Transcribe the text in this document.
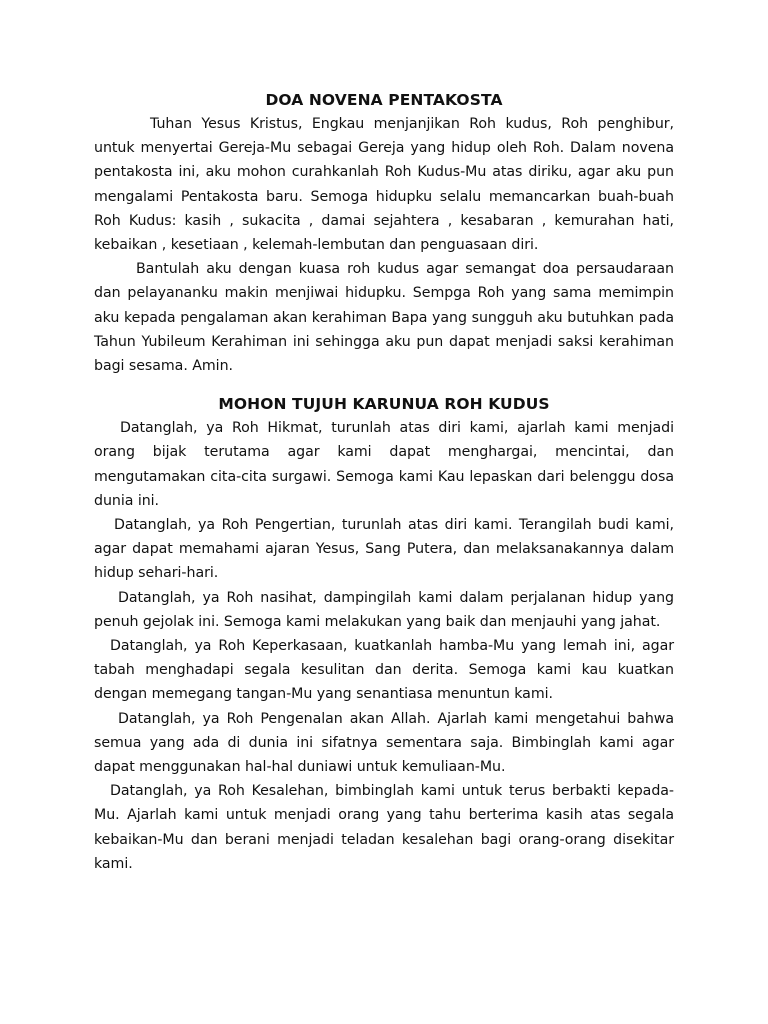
DOA NOVENA PENTAKOSTA

Tuhan Yesus Kristus, Engkau menjanjikan Roh kudus, Roh penghibur, untuk menyertai Gereja-Mu sebagai Gereja yang hidup oleh Roh. Dalam novena pentakosta ini, aku mohon curahkanlah Roh Kudus-Mu atas diriku, agar aku pun mengalami Pentakosta baru. Semoga hidupku selalu memancarkan buah-buah Roh Kudus: kasih , sukacita , damai sejahtera , kesabaran , kemurahan hati, kebaikan , kesetiaan , kelemah-lembutan dan penguasaan diri.

Bantulah aku dengan kuasa roh kudus agar semangat doa persaudaraan dan pelayananku makin menjiwai hidupku. Sempga Roh yang sama memimpin aku kepada pengalaman akan kerahiman Bapa yang sungguh aku butuhkan pada Tahun Yubileum Kerahiman ini sehingga aku pun dapat menjadi saksi kerahiman bagi sesama. Amin.

MOHON TUJUH KARUNUA ROH KUDUS

Datanglah, ya Roh Hikmat, turunlah atas diri kami, ajarlah kami menjadi orang bijak terutama agar kami dapat menghargai, mencintai, dan mengutamakan cita-cita surgawi. Semoga kami Kau lepaskan dari belenggu dosa dunia ini.

Datanglah, ya Roh Pengertian, turunlah atas diri kami. Terangilah budi kami, agar dapat memahami ajaran Yesus, Sang Putera, dan melaksanakannya dalam hidup sehari-hari.

Datanglah, ya Roh nasihat, dampingilah kami dalam perjalanan hidup yang penuh gejolak ini. Semoga kami melakukan yang baik dan menjauhi yang jahat.

Datanglah, ya Roh Keperkasaan, kuatkanlah hamba-Mu yang lemah ini, agar tabah menghadapi segala kesulitan dan derita. Semoga kami kau kuatkan dengan memegang tangan-Mu yang senantiasa menuntun kami.

Datanglah, ya Roh Pengenalan akan Allah. Ajarlah kami mengetahui bahwa semua yang ada di dunia ini sifatnya sementara saja. Bimbinglah kami agar dapat menggunakan hal-hal duniawi untuk kemuliaan-Mu.

Datanglah, ya Roh Kesalehan, bimbinglah kami untuk terus berbakti kepada-Mu. Ajarlah kami untuk menjadi orang yang tahu berterima kasih atas segala kebaikan-Mu dan berani menjadi teladan kesalehan bagi orang-orang disekitar kami.
